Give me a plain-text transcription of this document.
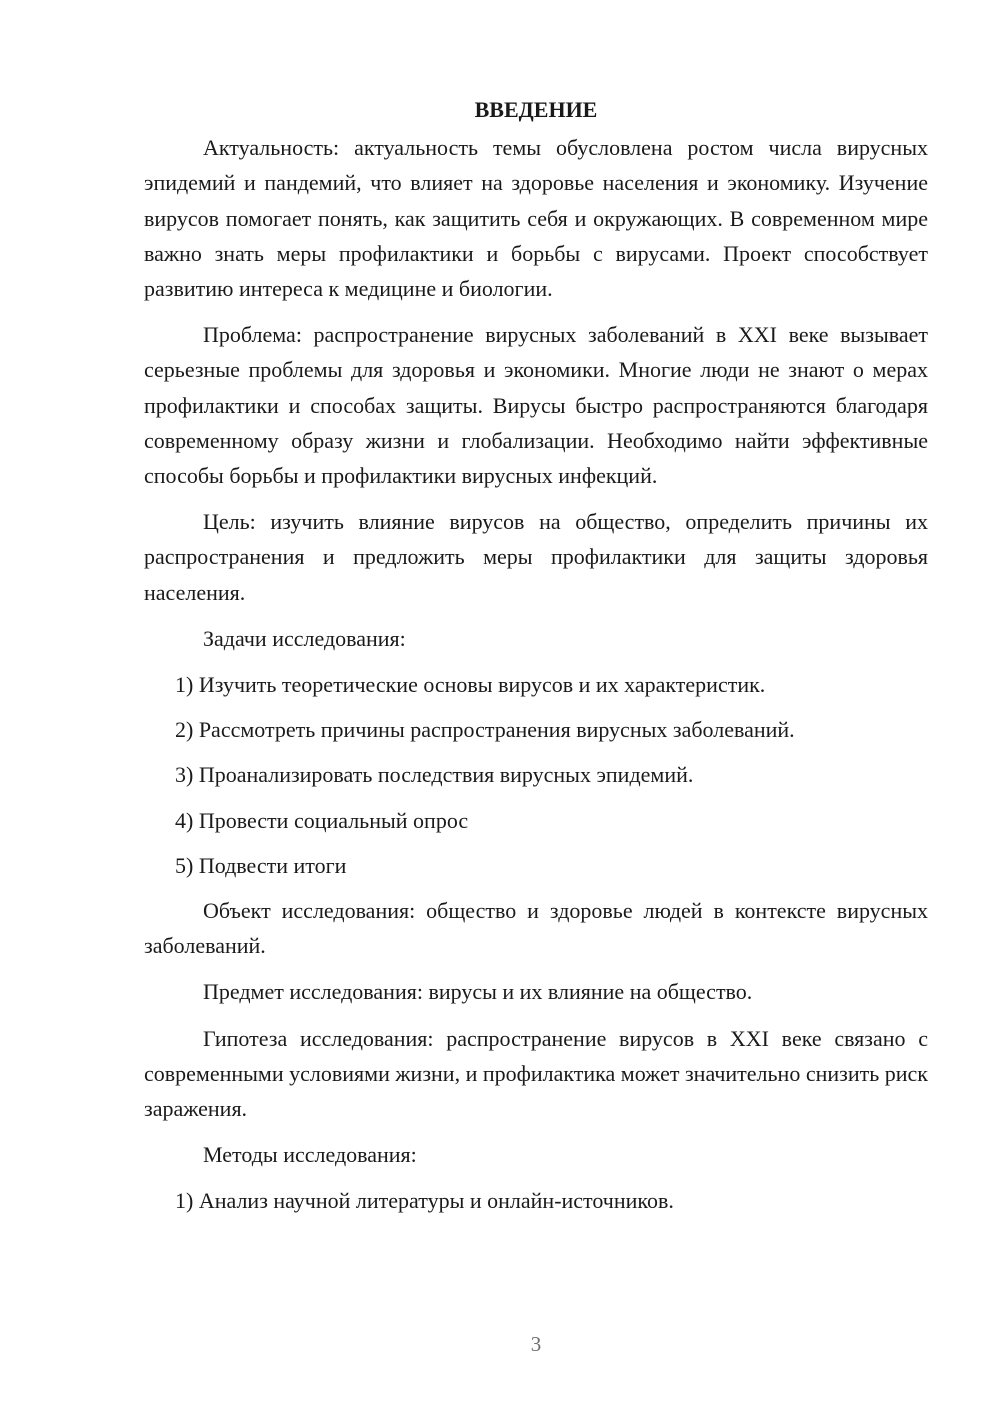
ВВЕДЕНИЕ

Актуальность: актуальность темы обусловлена ростом числа вирусных эпидемий и пандемий, что влияет на здоровье населения и экономику. Изучение вирусов помогает понять, как защитить себя и окружающих. В современном мире важно знать меры профилактики и борьбы с вирусами. Проект способствует развитию интереса к медицине и биологии.

Проблема: распространение вирусных заболеваний в XXI веке вызывает серьезные проблемы для здоровья и экономики. Многие люди не знают о мерах профилактики и способах защиты. Вирусы быстро распространяются благодаря современному образу жизни и глобализации. Необходимо найти эффективные способы борьбы и профилактики вирусных инфекций.

Цель: изучить влияние вирусов на общество, определить причины их распространения и предложить меры профилактики для защиты здоровья населения.

Задачи исследования:

1) Изучить теоретические основы вирусов и их характеристик.

2) Рассмотреть причины распространения вирусных заболеваний.

3) Проанализировать последствия вирусных эпидемий.

4) Провести социальный опрос

5) Подвести итоги

Объект исследования: общество и здоровье людей в контексте вирусных заболеваний.

Предмет исследования: вирусы и их влияние на общество.

Гипотеза исследования: распространение вирусов в XXI веке связано с современными условиями жизни, и профилактика может значительно снизить риск заражения.

Методы исследования:

1) Анализ научной литературы и онлайн-источников.

3
